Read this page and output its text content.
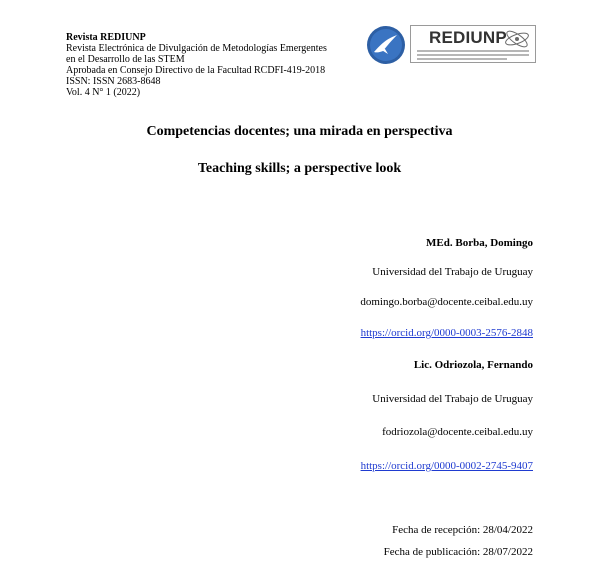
Revista REDIUNP
Revista Electrónica de Divulgación de Metodologías Emergentes
en el Desarrollo de las STEM
Aprobada en Consejo Directivo de la Facultad RCDFI-419-2018
ISSN: ISSN 2683-8648
Vol. 4 N° 1 (2022)
REDIUNP
Competencias docentes; una mirada en perspectiva
Teaching skills; a perspective look
MEd. Borba, Domingo
Universidad del Trabajo de Uruguay
domingo.borba@docente.ceibal.edu.uy
https://orcid.org/0000-0003-2576-2848
Lic. Odriozola, Fernando
Universidad del Trabajo de Uruguay
fodriozola@docente.ceibal.edu.uy
https://orcid.org/0000-0002-2745-9407
Fecha de recepción: 28/04/2022
Fecha de publicación: 28/07/2022
